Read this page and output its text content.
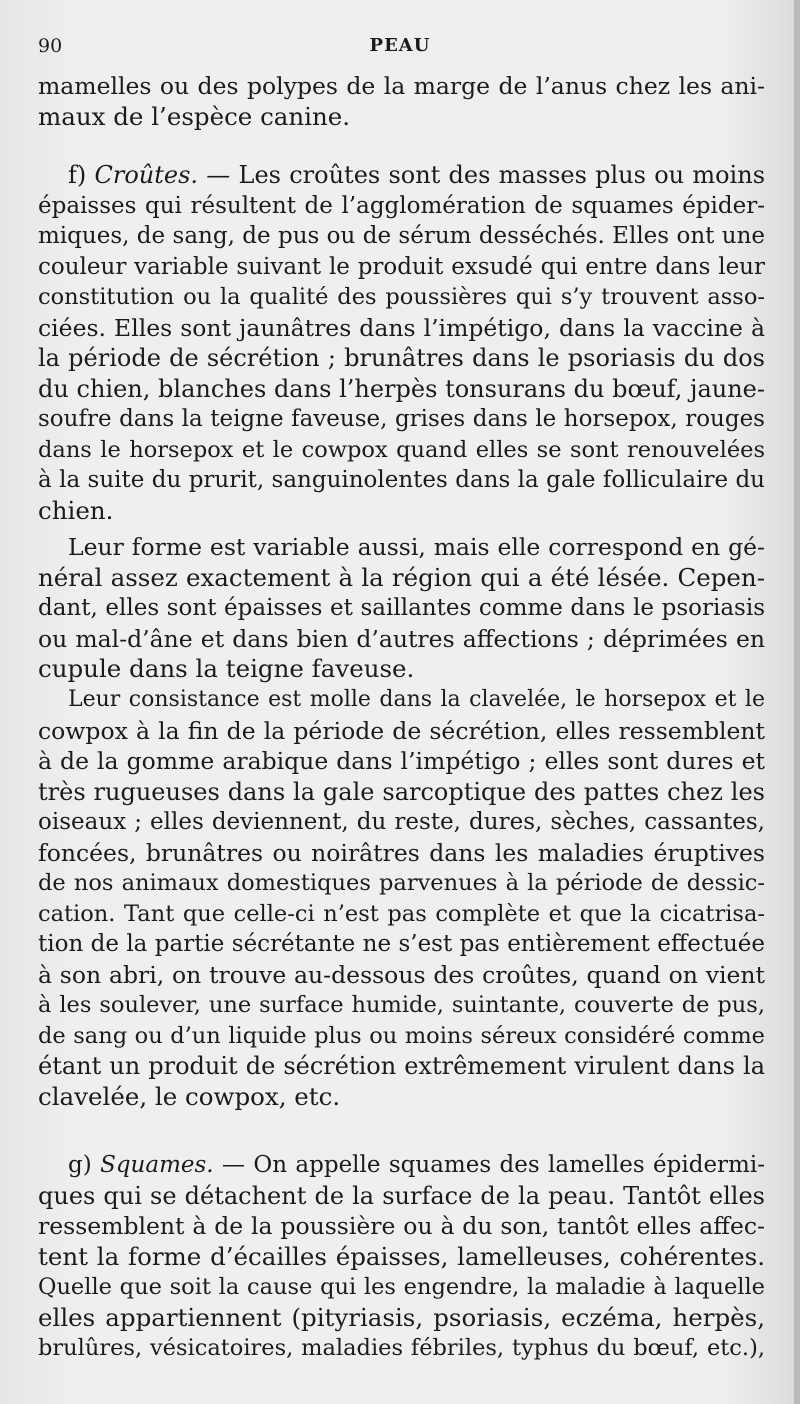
90	PEAU
mamelles ou des polypes de la marge de l’anus chez les ani-
maux de l’espèce canine.
f) Croûtes. — Les croûtes sont des masses plus ou moins
épaisses qui résultent de l’agglomération de squames épider-
miques, de sang, de pus ou de sérum desséchés. Elles ont une
couleur variable suivant le produit exsudé qui entre dans leur
constitution ou la qualité des poussières qui s’y trouvent asso-
ciées. Elles sont jaunâtres dans l’impétigo, dans la vaccine à
la période de sécrétion ; brunâtres dans le psoriasis du dos
du chien, blanches dans l’herpès tonsurans du bœuf, jaune-
soufre dans la teigne faveuse, grises dans le horsepox, rouges
dans le horsepox et le cowpox quand elles se sont renouvelées
à la suite du prurit, sanguinolentes dans la gale folliculaire du
chien.
Leur forme est variable aussi, mais elle correspond en gé-
néral assez exactement à la région qui a été lésée. Cepen-
dant, elles sont épaisses et saillantes comme dans le psoriasis
ou mal-d’âne et dans bien d’autres affections ; déprimées en
cupule dans la teigne faveuse.
Leur consistance est molle dans la clavelée, le horsepox et le
cowpox à la fin de la période de sécrétion, elles ressemblent
à de la gomme arabique dans l’impétigo ; elles sont dures et
très rugueuses dans la gale sarcoptique des pattes chez les
oiseaux ; elles deviennent, du reste, dures, sèches, cassantes,
foncées, brunâtres ou noirâtres dans les maladies éruptives
de nos animaux domestiques parvenues à la période de dessic-
cation. Tant que celle-ci n’est pas complète et que la cicatrisa-
tion de la partie sécrétante ne s’est pas entièrement effectuée
à son abri, on trouve au-dessous des croûtes, quand on vient
à les soulever, une surface humide, suintante, couverte de pus,
de sang ou d’un liquide plus ou moins séreux considéré comme
étant un produit de sécrétion extrêmement virulent dans la
clavelée, le cowpox, etc.
g) Squames. — On appelle squames des lamelles épidermi-
ques qui se détachent de la surface de la peau. Tantôt elles
ressemblent à de la poussière ou à du son, tantôt elles affec-
tent la forme d’écailles épaisses, lamelleuses, cohérentes.
Quelle que soit la cause qui les engendre, la maladie à laquelle
elles appartiennent (pityriasis, psoriasis, eczéma, herpès,
brulûres, vésicatoires, maladies fébriles, typhus du bœuf, etc.),
